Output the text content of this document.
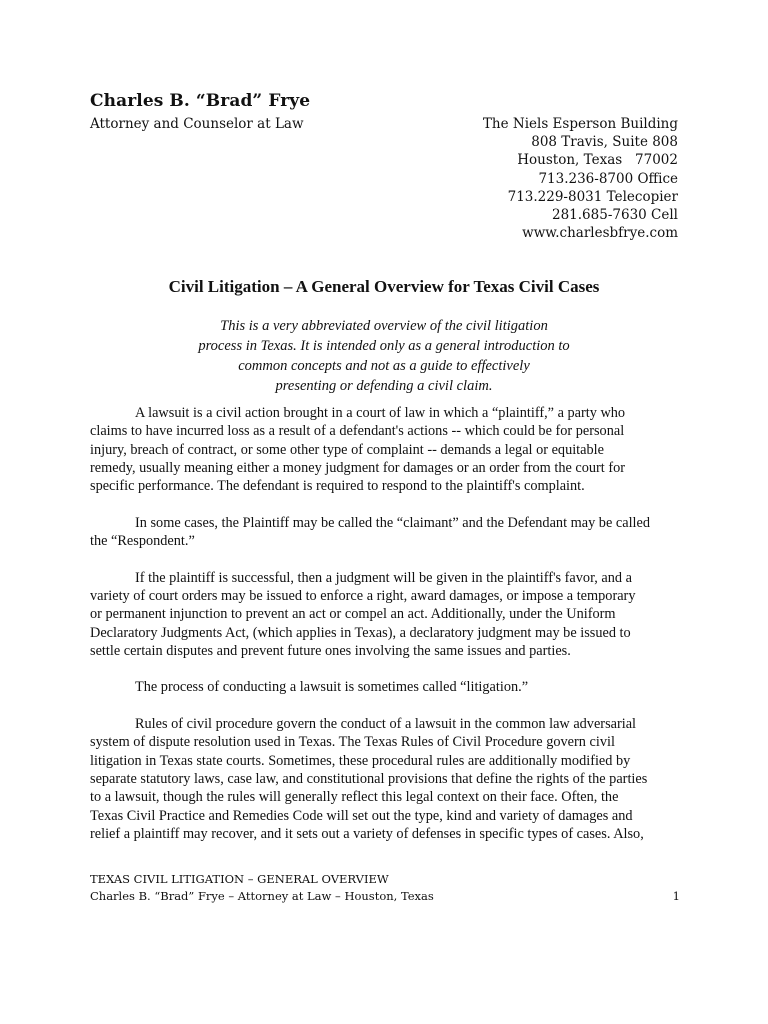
Charles B. “Brad” Frye
Attorney and Counselor at Law	The Niels Esperson Building
808 Travis, Suite 808
Houston, Texas   77002
713.236-8700 Office
713.229-8031 Telecopier
281.685-7630 Cell
www.charlesbfrye.com
Civil Litigation – A General Overview for Texas Civil Cases
This is a very abbreviated overview of the civil litigation
process in Texas. It is intended only as a general introduction to
common concepts and not as a guide to effectively
presenting or defending a civil claim.

A lawsuit is a civil action brought in a court of law in which a “plaintiff,” a party who
claims to have incurred loss as a result of a defendant's actions -- which could be for personal
injury, breach of contract, or some other type of complaint -- demands a legal or equitable
remedy, usually meaning either a money judgment for damages or an order from the court for
specific performance. The defendant is required to respond to the plaintiff's complaint.

In some cases, the Plaintiff may be called the “claimant” and the Defendant may be called
the “Respondent.”

If the plaintiff is successful, then a judgment will be given in the plaintiff's favor, and a
variety of court orders may be issued to enforce a right, award damages, or impose a temporary
or permanent injunction to prevent an act or compel an act. Additionally, under the Uniform
Declaratory Judgments Act, (which applies in Texas), a declaratory judgment may be issued to
settle certain disputes and prevent future ones involving the same issues and parties.

The process of conducting a lawsuit is sometimes called “litigation.”

Rules of civil procedure govern the conduct of a lawsuit in the common law adversarial
system of dispute resolution used in Texas. The Texas Rules of Civil Procedure govern civil
litigation in Texas state courts. Sometimes, these procedural rules are additionally modified by
separate statutory laws, case law, and constitutional provisions that define the rights of the parties
to a lawsuit, though the rules will generally reflect this legal context on their face. Often, the
Texas Civil Practice and Remedies Code will set out the type, kind and variety of damages and
relief a plaintiff may recover, and it sets out a variety of defenses in specific types of cases. Also,

TEXAS CIVIL LITIGATION – GENERAL OVERVIEW
Charles B. “Brad” Frye – Attorney at Law – Houston, Texas	1
